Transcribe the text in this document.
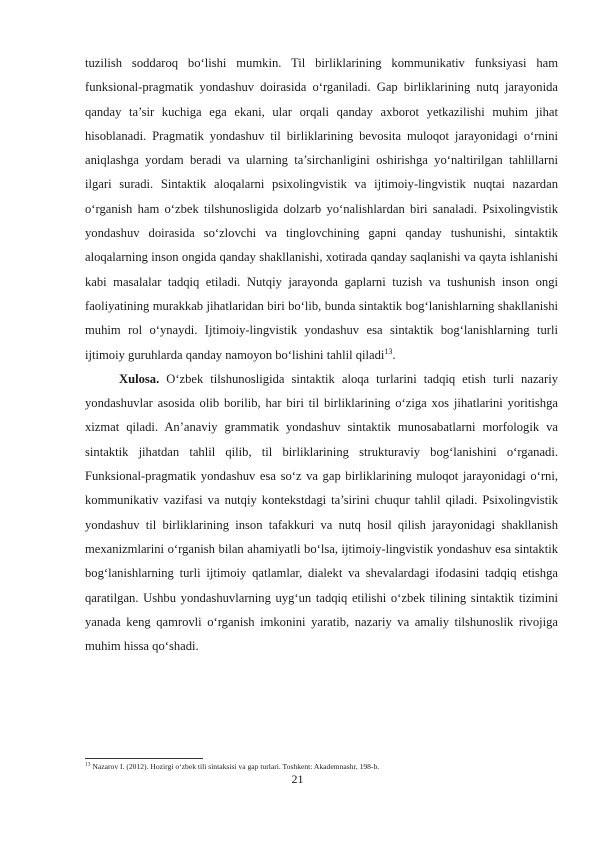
tuzilish soddaroq bo‘lishi mumkin. Til birliklarining kommunikativ funksiyasi ham funksional-pragmatik yondashuv doirasida o‘rganiladi. Gap birliklarining nutq jarayonida qanday ta’sir kuchiga ega ekani, ular orqali qanday axborot yetkazilishi muhim jihat hisoblanadi. Pragmatik yondashuv til birliklarining bevosita muloqot jarayonidagi o‘rnini aniqlashga yordam beradi va ularning ta’sirchanligini oshirishga yo‘naltirilgan tahlillarni ilgari suradi. Sintaktik aloqalarni psixolingvistik va ijtimoiy-lingvistik nuqtai nazardan o‘rganish ham o‘zbek tilshunosligida dolzarb yo‘nalishlardan biri sanaladi. Psixolingvistik yondashuv doirasida so‘zlovchi va tinglovchining gapni qanday tushunishi, sintaktik aloqalarning inson ongida qanday shakllanishi, xotirada qanday saqlanishi va qayta ishlanishi kabi masalalar tadqiq etiladi. Nutqiy jarayonda gaplarni tuzish va tushunish inson ongi faoliyatining murakkab jihatlaridan biri bo‘lib, bunda sintaktik bog‘lanishlarning shakllanishi muhim rol o‘ynaydi. Ijtimoiy-lingvistik yondashuv esa sintaktik bog‘lanishlarning turli ijtimoiy guruhlarda qanday namoyon bo‘lishini tahlil qiladi$^{13}$.

Xulosa. O‘zbek tilshunosligida sintaktik aloqa turlarini tadqiq etish turli nazariy yondashuvlar asosida olib borilib, har biri til birliklarining o‘ziga xos jihatlarini yoritishga xizmat qiladi. An’anaviy grammatik yondashuv sintaktik munosabatlarni morfologik va sintaktik jihatdan tahlil qilib, til birliklarining strukturaviy bog‘lanishini o‘rganadi. Funksional-pragmatik yondashuv esa so‘z va gap birliklarining muloqot jarayonidagi o‘rni, kommunikativ vazifasi va nutqiy kontekstdagi ta’sirini chuqur tahlil qiladi. Psixolingvistik yondashuv til birliklarining inson tafakkuri va nutq hosil qilish jarayonidagi shakllanish mexanizmlarini o‘rganish bilan ahamiyatli bo‘lsa, ijtimoiy-lingvistik yondashuv esa sintaktik bog‘lanishlarning turli ijtimoiy qatlamlar, dialekt va shevalardagi ifodasini tadqiq etishga qaratilgan. Ushbu yondashuvlarning uyg‘un tadqiq etilishi o‘zbek tilining sintaktik tizimini yanada keng qamrovli o‘rganish imkonini yaratib, nazariy va amaliy tilshunoslik rivojiga muhim hissa qo‘shadi.

$^{13}$ Nazarov I. (2012). Hozirgi o‘zbek tili sintaksisi va gap turlari. Toshkent: Akademnashr, 198-b.
21
